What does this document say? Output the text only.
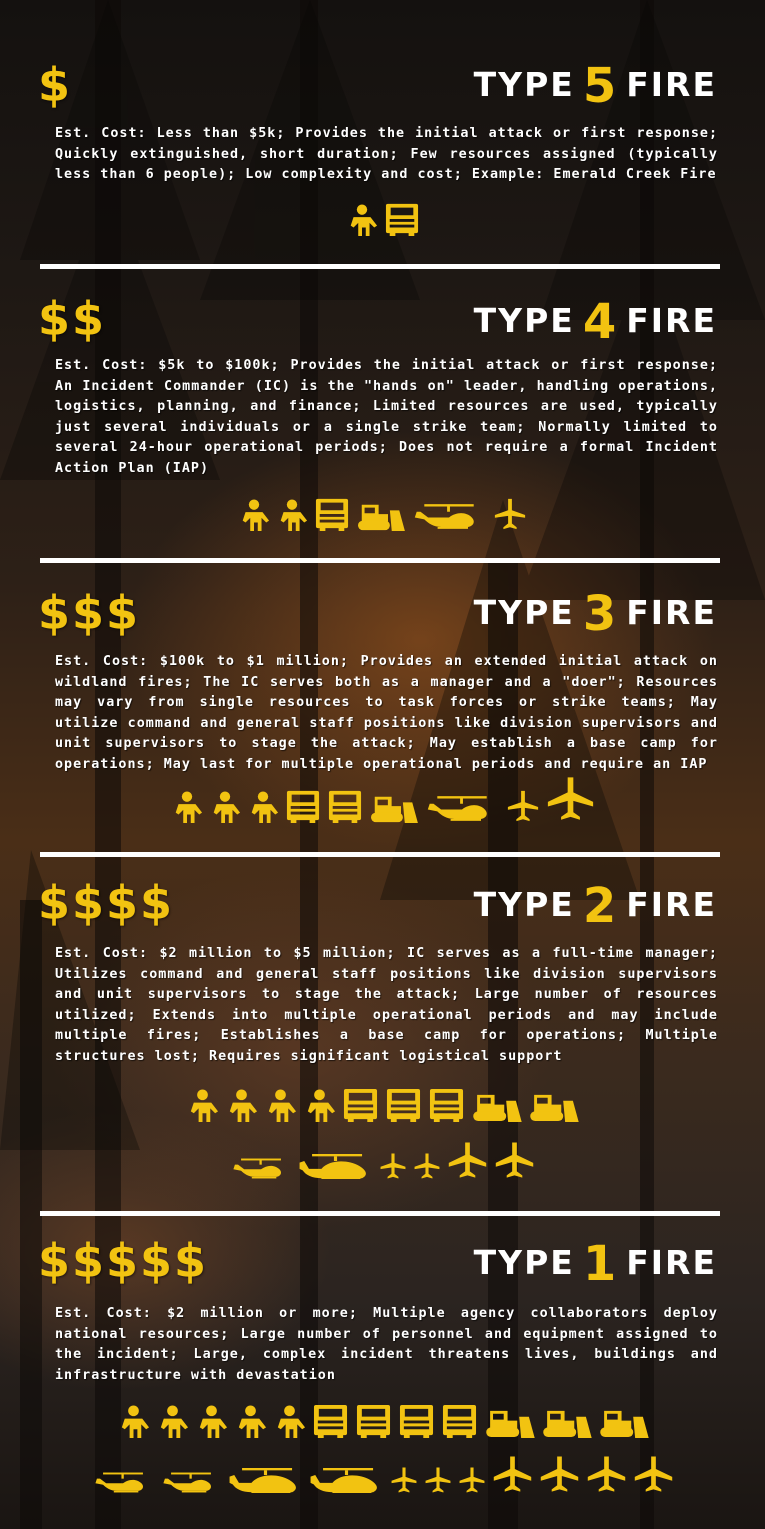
$	TYPE 5 FIRE
Est. Cost: Less than $5k; Provides the initial attack or first response; Quickly extinguished, short duration; Few resources assigned (typically less than 6 people); Low complexity and cost; Example: Emerald Creek Fire
$$	TYPE 4 FIRE
Est. Cost: $5k to $100k; Provides the initial attack or first response; An Incident Commander (IC) is the "hands on" leader, handling operations, logistics, planning, and finance; Limited resources are used, typically just several individuals or a single strike team; Normally limited to several 24-hour operational periods; Does not require a formal Incident Action Plan (IAP)
$$$	TYPE 3 FIRE
Est. Cost: $100k to $1 million; Provides an extended initial attack on wildland fires; The IC serves both as a manager and a "doer"; Resources may vary from single resources to task forces or strike teams; May utilize command and general staff positions like division supervisors and unit supervisors to stage the attack; May establish a base camp for operations; May last for multiple operational periods and require an IAP
$$$$	TYPE 2 FIRE
Est. Cost: $2 million to $5 million; IC serves as a full-time manager; Utilizes command and general staff positions like division supervisors and unit supervisors to stage the attack; Large number of resources utilized; Extends into multiple operational periods and may include multiple fires; Establishes a base camp for operations; Multiple structures lost; Requires significant logistical support
$$$$$	TYPE 1 FIRE
Est. Cost: $2 million or more; Multiple agency collaborators deploy national resources; Large number of personnel and equipment assigned to the incident; Large, complex incident threatens lives, buildings and infrastructure with devastation
